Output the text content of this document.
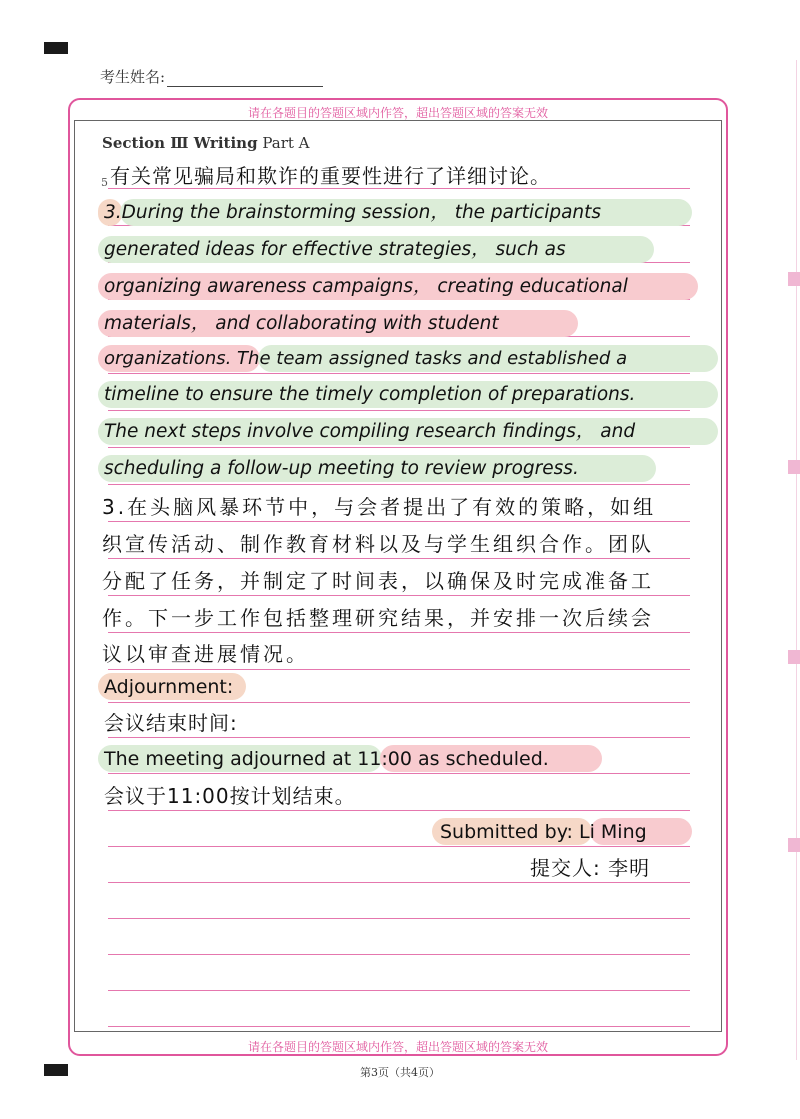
考生姓名:
请在各题目的答题区域内作答，超出答题区域的答案无效
Section Ⅲ Writing Part A
5 有关常见骗局和欺诈的重要性进行了详细讨论。
3.During the brainstorming session， the participants
generated ideas for effective strategies， such as
organizing awareness campaigns， creating educational
materials， and collaborating with student
organizations. The team assigned tasks and established a
timeline to ensure the timely completion of preparations.
The next steps involve compiling research findings， and
scheduling a follow-up meeting to review progress.
3.在头脑风暴环节中，与会者提出了有效的策略，如组
织宣传活动、制作教育材料以及与学生组织合作。团队
分配了任务，并制定了时间表，以确保及时完成准备工
作。下一步工作包括整理研究结果，并安排一次后续会
议以审查进展情况。
Adjournment:
会议结束时间:
The meeting adjourned at 11:00 as scheduled.
会议于11:00按计划结束。
Submitted by: Li Ming
提交人: 李明
请在各题目的答题区域内作答，超出答题区域的答案无效
第3页（共4页）
